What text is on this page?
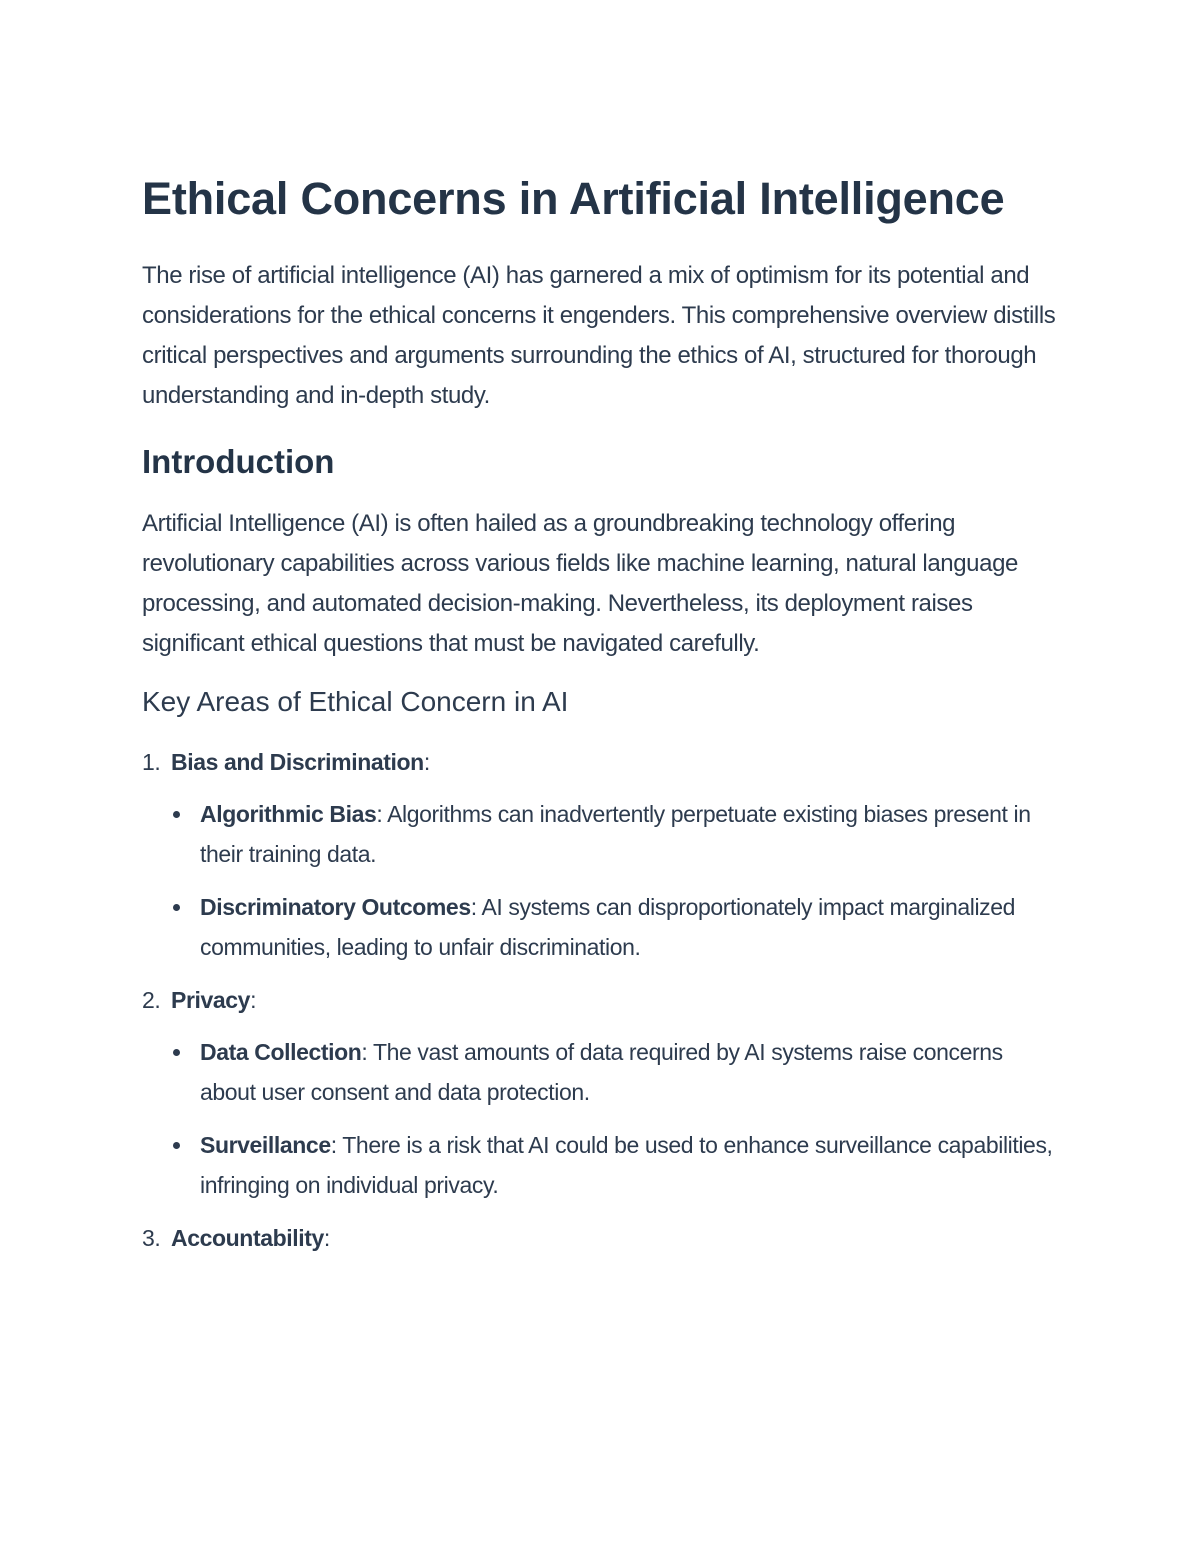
Ethical Concerns in Artificial Intelligence

The rise of artificial intelligence (AI) has garnered a mix of optimism for its potential and considerations for the ethical concerns it engenders. This comprehensive overview distills critical perspectives and arguments surrounding the ethics of AI, structured for thorough understanding and in-depth study.

Introduction

Artificial Intelligence (AI) is often hailed as a groundbreaking technology offering revolutionary capabilities across various fields like machine learning, natural language processing, and automated decision-making. Nevertheless, its deployment raises significant ethical questions that must be navigated carefully.

Key Areas of Ethical Concern in AI
1. Bias and Discrimination:
Algorithmic Bias: Algorithms can inadvertently perpetuate existing biases present in their training data.
Discriminatory Outcomes: AI systems can disproportionately impact marginalized communities, leading to unfair discrimination.
2. Privacy:
Data Collection: The vast amounts of data required by AI systems raise concerns about user consent and data protection.
Surveillance: There is a risk that AI could be used to enhance surveillance capabilities, infringing on individual privacy.
3. Accountability:
